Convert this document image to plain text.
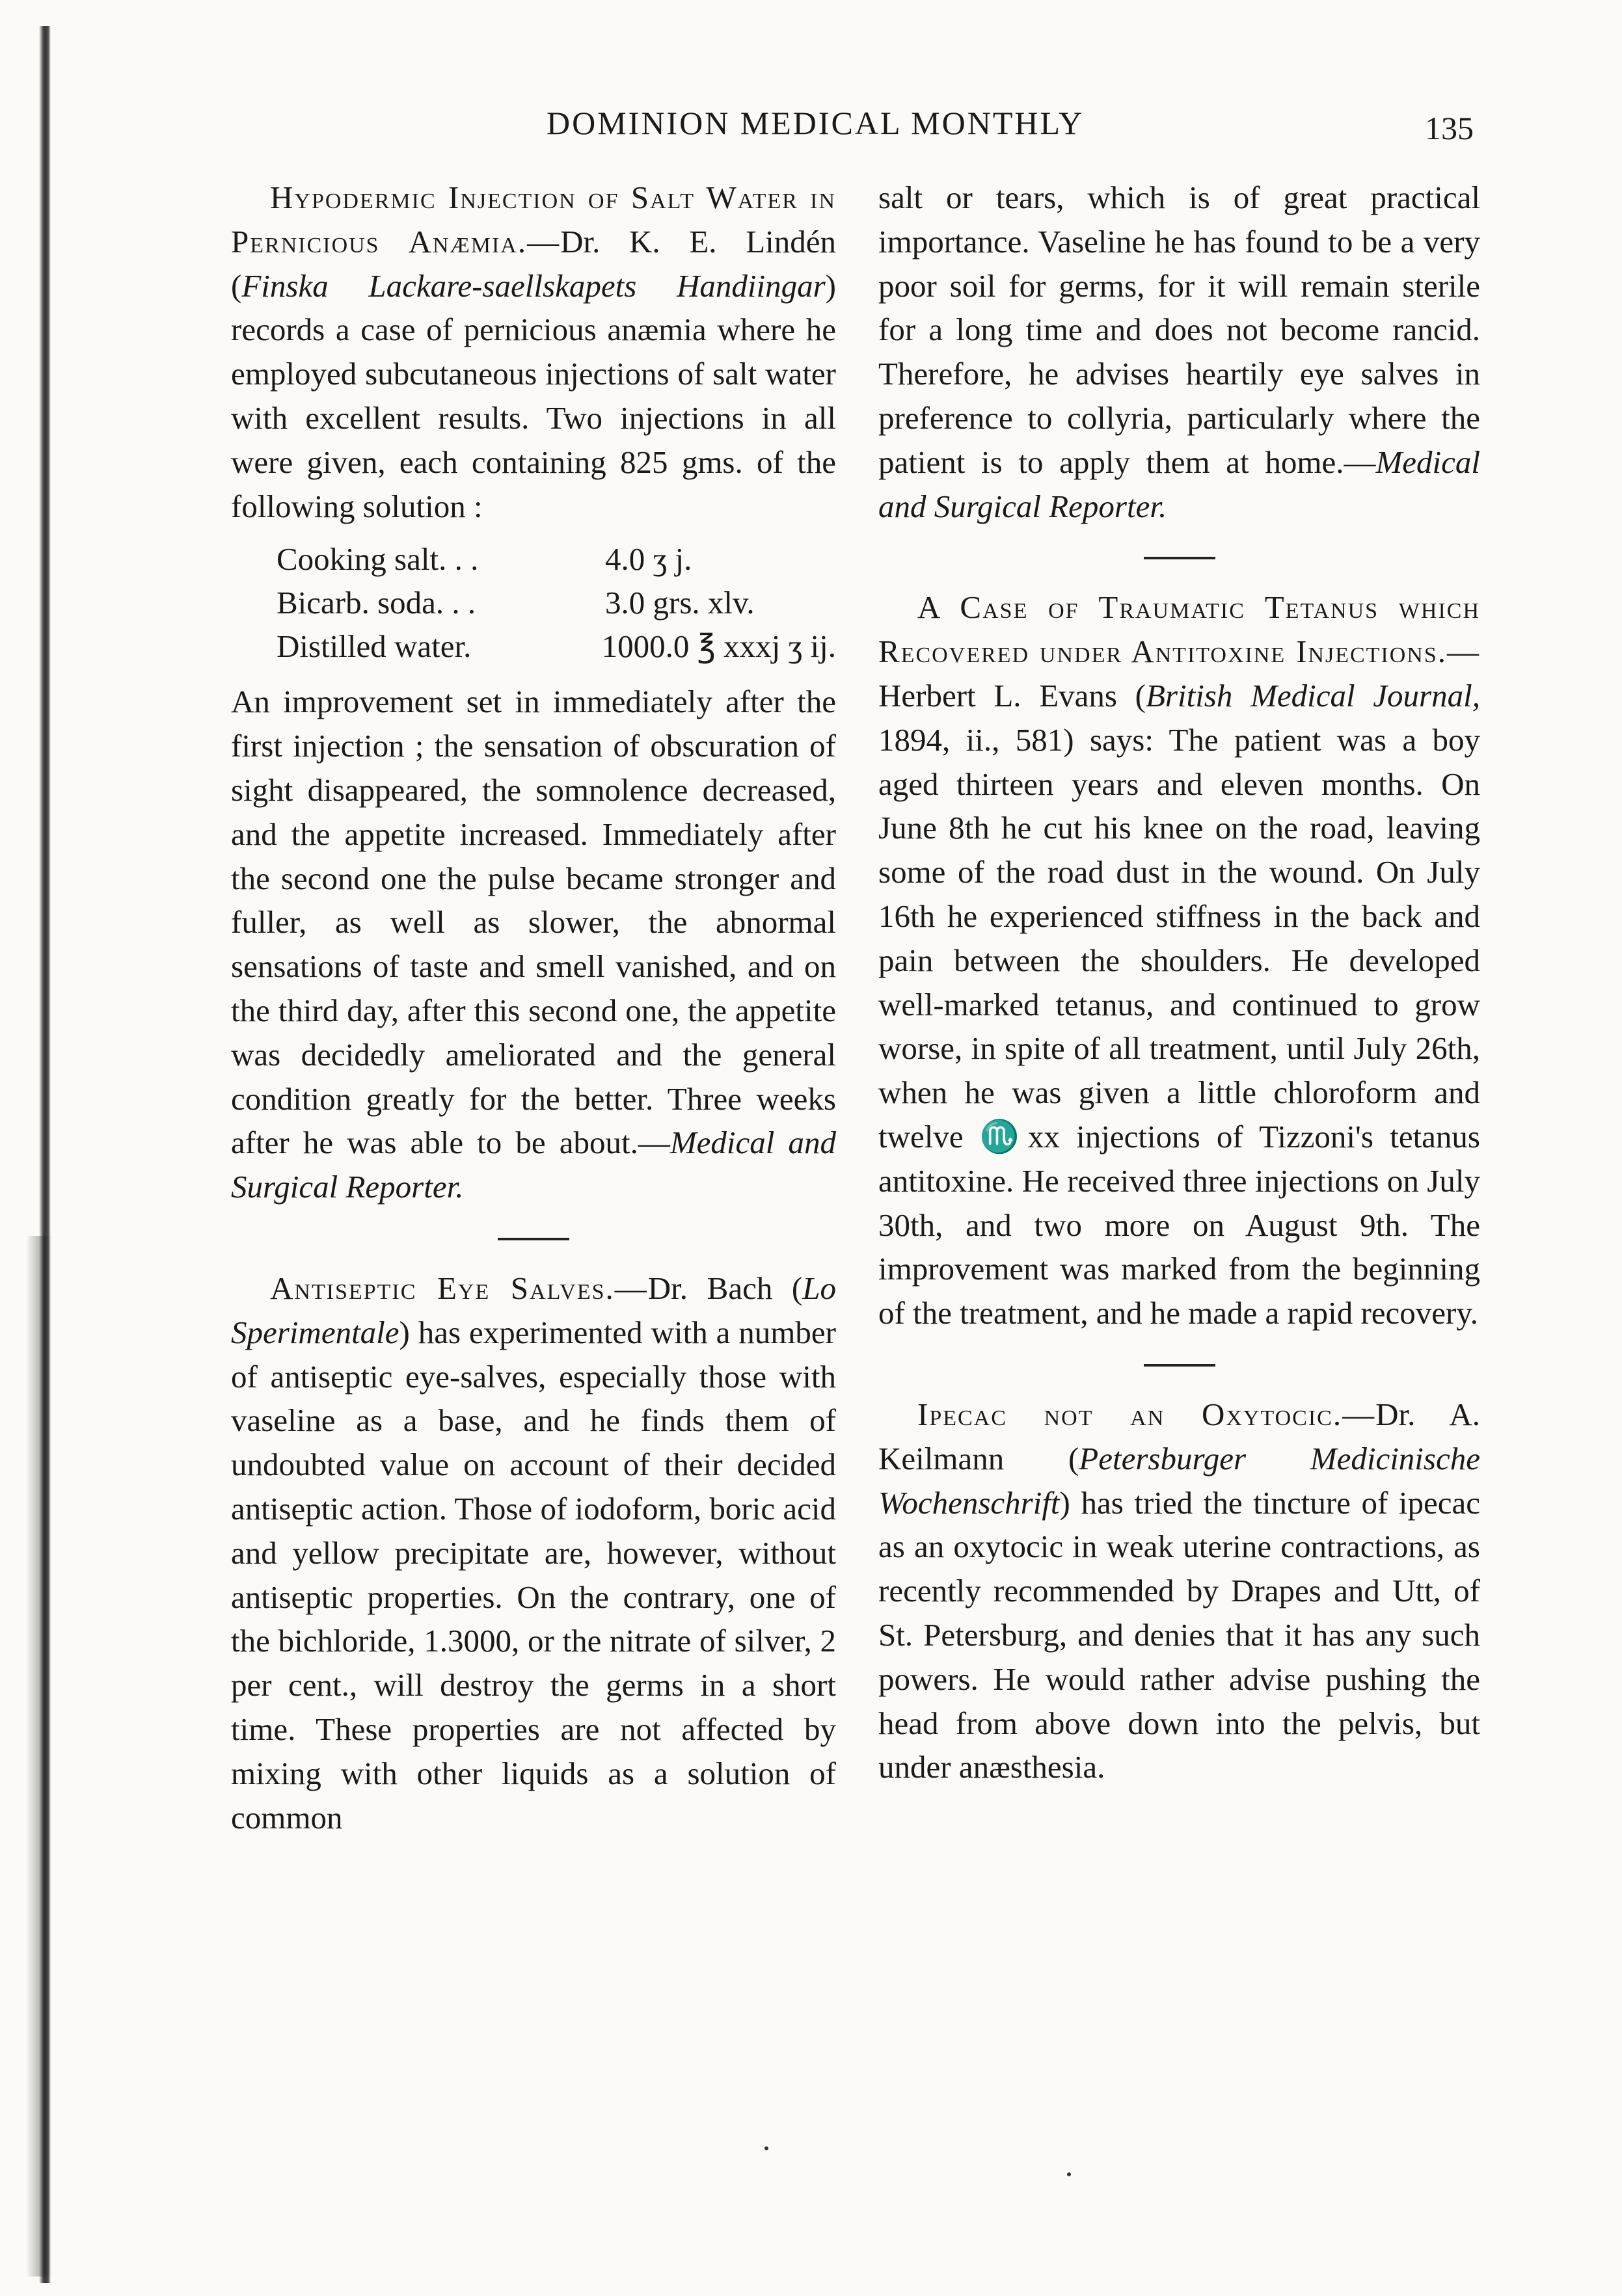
DOMINION MEDICAL MONTHLY	135

Hypodermic Injection of Salt Water in Pernicious Anæmia.—Dr. K. E. Lindén (Finska Lackare-saellskapets Handiingar) records a case of pernicious anæmia where he employed subcutaneous injections of salt water with excellent results. Two injections in all were given, each containing 825 gms. of the following solution :

Cooking salt. . .	4.0 ʒ j.
Bicarb. soda. . .	3.0 grs. xlv.
Distilled water.	1000.0 ℥ xxxj ʒ ij.

An improvement set in immediately after the first injection ; the sensation of obscuration of sight disappeared, the somnolence decreased, and the appetite increased. Immediately after the second one the pulse became stronger and fuller, as well as slower, the abnormal sensations of taste and smell vanished, and on the third day, after this second one, the appetite was decidedly ameliorated and the general condition greatly for the better. Three weeks after he was able to be about.—Medical and Surgical Reporter.

Antiseptic Eye Salves.—Dr. Bach (Lo Sperimentale) has experimented with a number of antiseptic eye-salves, especially those with vaseline as a base, and he finds them of undoubted value on account of their decided antiseptic action. Those of iodoform, boric acid and yellow precipitate are, however, without antiseptic properties. On the contrary, one of the bichloride, 1.3000, or the nitrate of silver, 2 per cent., will destroy the germs in a short time. These properties are not affected by mixing with other liquids as a solution of common

salt or tears, which is of great practical importance. Vaseline he has found to be a very poor soil for germs, for it will remain sterile for a long time and does not become rancid. Therefore, he advises heartily eye salves in preference to collyria, particularly where the patient is to apply them at home.—Medical and Surgical Reporter.

A Case of Traumatic Tetanus which Recovered under Antitoxine Injections.— Herbert L. Evans (British Medical Journal, 1894, ii., 581) says: The patient was a boy aged thirteen years and eleven months. On June 8th he cut his knee on the road, leaving some of the road dust in the wound. On July 16th he experienced stiffness in the back and pain between the shoulders. He developed well-marked tetanus, and continued to grow worse, in spite of all treatment, until July 26th, when he was given a little chloroform and twelve ♏xx injections of Tizzoni's tetanus antitoxine. He received three injections on July 30th, and two more on August 9th. The improvement was marked from the beginning of the treatment, and he made a rapid recovery.

Ipecac not an Oxytocic.—Dr. A. Keilmann (Petersburger Medicinische Wochenschrift) has tried the tincture of ipecac as an oxytocic in weak uterine contractions, as recently recommended by Drapes and Utt, of St. Petersburg, and denies that it has any such powers. He would rather advise pushing the head from above down into the pelvis, but under anæsthesia.
